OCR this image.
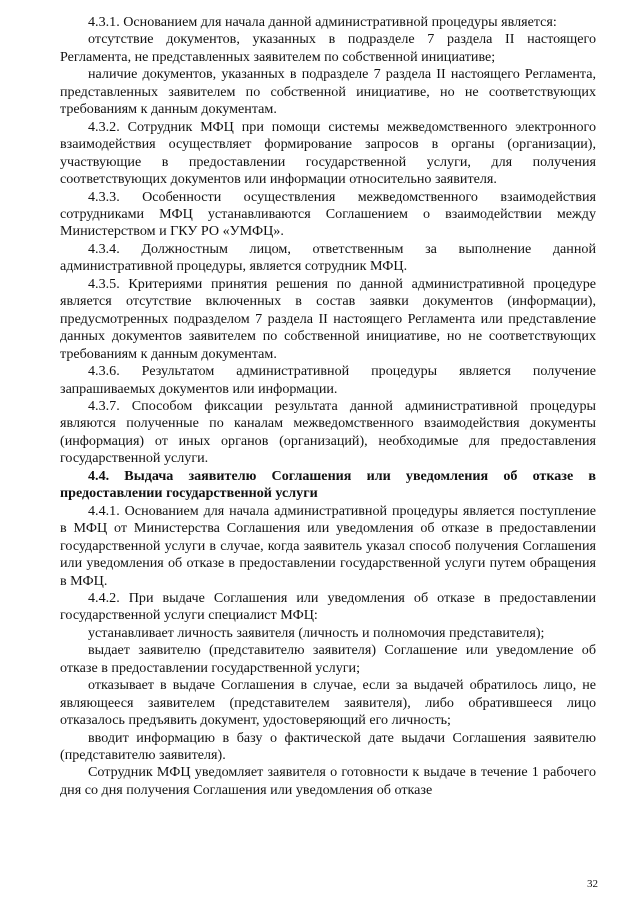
4.3.1. Основанием для начала данной административной процедуры является:

отсутствие документов, указанных в подразделе 7 раздела II настоящего Регламента, не представленных заявителем по собственной инициативе;

наличие документов, указанных в подразделе 7 раздела II настоящего Регламента, представленных заявителем по собственной инициативе, но не соответствующих требованиям к данным документам.

4.3.2. Сотрудник МФЦ при помощи системы межведомственного электронного взаимодействия осуществляет формирование запросов в органы (организации), участвующие в предоставлении государственной услуги, для получения соответствующих документов или информации относительно заявителя.

4.3.3. Особенности осуществления межведомственного взаимодействия сотрудниками МФЦ устанавливаются Соглашением о взаимодействии между Министерством и ГКУ РО «УМФЦ».

4.3.4. Должностным лицом, ответственным за выполнение данной административной процедуры, является сотрудник МФЦ.

4.3.5. Критериями принятия решения по данной административной процедуре является отсутствие включенных в состав заявки документов (информации), предусмотренных подразделом 7 раздела II настоящего Регламента или представление данных документов заявителем по собственной инициативе, но не соответствующих требованиям к данным документам.

4.3.6. Результатом административной процедуры является получение запрашиваемых документов или информации.

4.3.7. Способом фиксации результата данной административной процедуры являются полученные по каналам межведомственного взаимодействия документы (информация) от иных органов (организаций), необходимые для предоставления государственной услуги.

4.4. Выдача заявителю Соглашения или уведомления об отказе в предоставлении государственной услуги

4.4.1. Основанием для начала административной процедуры является поступление в МФЦ от Министерства Соглашения или уведомления об отказе в предоставлении государственной услуги в случае, когда заявитель указал способ получения Соглашения или уведомления об отказе в предоставлении государственной услуги путем обращения в МФЦ.

4.4.2. При выдаче Соглашения или уведомления об отказе в предоставлении государственной услуги специалист МФЦ:

устанавливает личность заявителя (личность и полномочия представителя);

выдает заявителю (представителю заявителя) Соглашение или уведомление об отказе в предоставлении государственной услуги;

отказывает в выдаче Соглашения в случае, если за выдачей обратилось лицо, не являющееся заявителем (представителем заявителя), либо обратившееся лицо отказалось предъявить документ, удостоверяющий его личность;

вводит информацию в базу о фактической дате выдачи Соглашения заявителю (представителю заявителя).

Сотрудник МФЦ уведомляет заявителя о готовности к выдаче в течение 1 рабочего дня со дня получения Соглашения или уведомления об отказе

32
